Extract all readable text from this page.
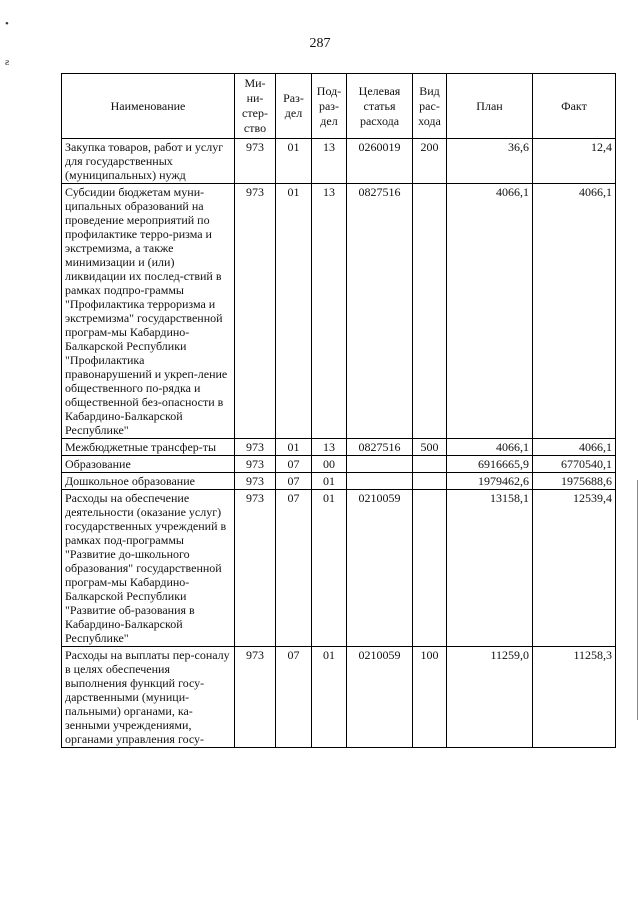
287
•
ƨ
Наименование	Ми-
ни-
стер-
ство	Раз-
дел	Под-
раз-
дел	Целевая
статья
расхода	Вид
рас-
хода	План	Факт
Закупка товаров, работ и услуг для государственных (муниципальных) нужд	973	01	13	0260019	200	36,6	12,4
Субсидии бюджетам муни-ципальных образований на проведение мероприятий по профилактике терро-ризма и экстремизма, а также минимизации и (или) ликвидации их послед-ствий в рамках подпро-граммы "Профилактика терроризма и экстремизма" государственной програм-мы Кабардино-Балкарской Республики "Профилактика правонарушений и укреп-ление общественного по-рядка и общественной без-опасности в Кабардино-Балкарской Республике"	973	01	13	0827516		4066,1	4066,1
Межбюджетные трансфер-ты	973	01	13	0827516	500	4066,1	4066,1
Образование	973	07	00			6916665,9	6770540,1
Дошкольное образование	973	07	01			1979462,6	1975688,6
Расходы на обеспечение деятельности (оказание услуг) государственных учреждений в рамках под-программы "Развитие до-школьного образования" государственной програм-мы Кабардино-Балкарской Республики "Развитие об-разования в Кабардино-Балкарской Республике"	973	07	01	0210059		13158,1	12539,4
Расходы на выплаты пер-соналу в целях обеспечения выполнения функций госу-дарственными (муници-пальными) органами, ка-зенными учреждениями, органами управления госу-	973	07	01	0210059	100	11259,0	11258,3
